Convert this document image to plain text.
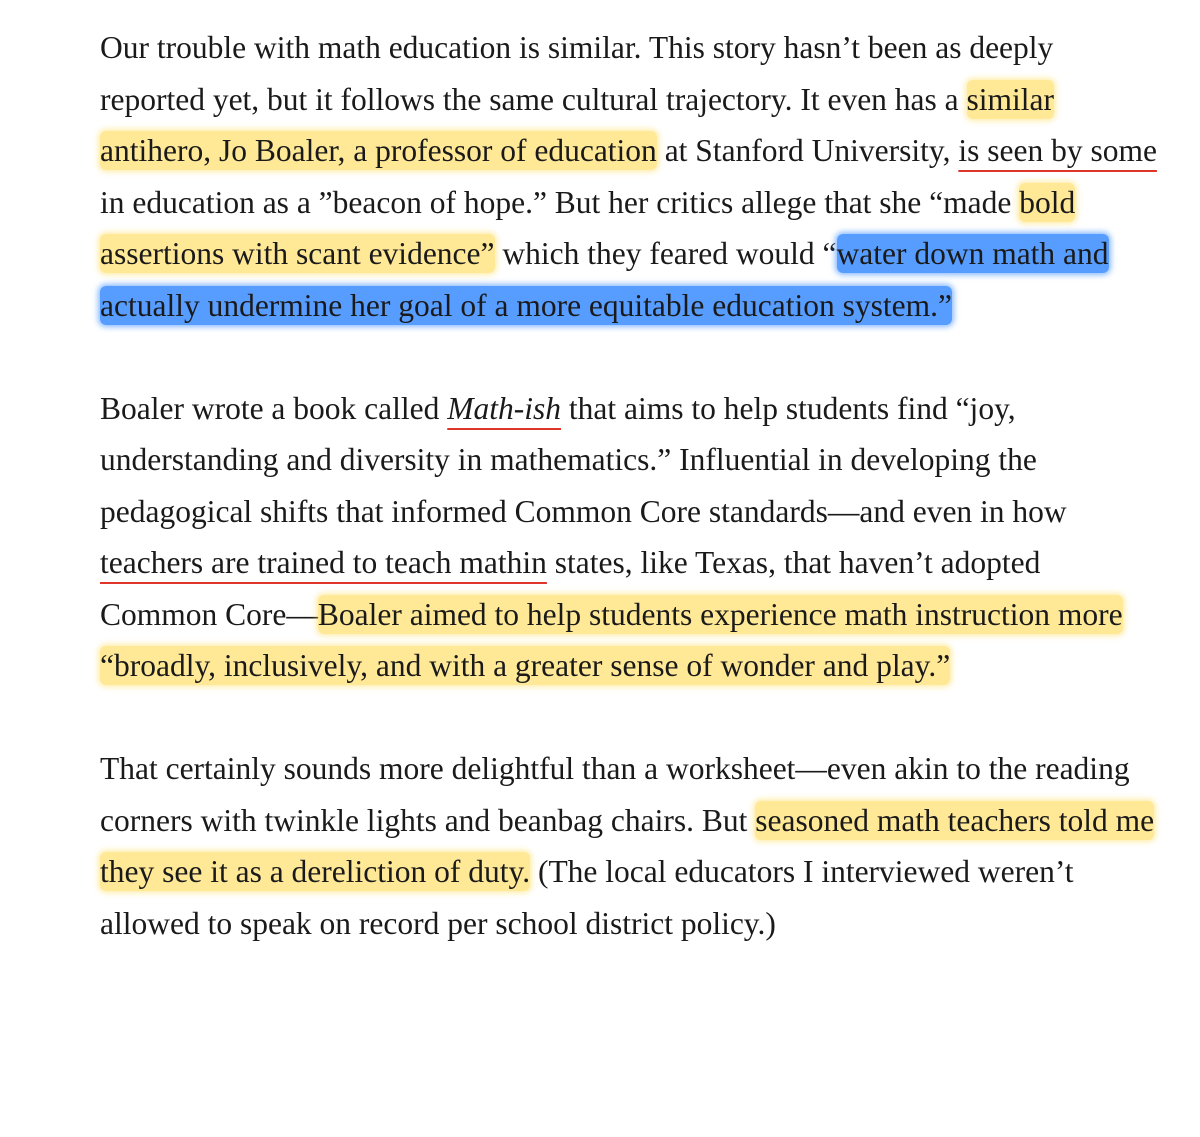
Our trouble with math education is similar. This story hasn’t been as deeply reported yet, but it follows the same cultural trajectory. It even has a similar antihero, Jo Boaler, a professor of education at Stanford University, is seen by some in education as a ”beacon of hope.” But her critics allege that she “made bold assertions with scant evidence” which they feared would “water down math and actually undermine her goal of a more equitable education system.”

Boaler wrote a book called Math-ish that aims to help students find “joy, understanding and diversity in mathematics.” Influential in developing the pedagogical shifts that informed Common Core standards—and even in how teachers are trained to teach mathin states, like Texas, that haven’t adopted Common Core—Boaler aimed to help students experience math instruction more “broadly, inclusively, and with a greater sense of wonder and play.”

That certainly sounds more delightful than a worksheet—even akin to the reading corners with twinkle lights and beanbag chairs. But seasoned math teachers told me they see it as a dereliction of duty. (The local educators I interviewed weren’t allowed to speak on record per school district policy.)
